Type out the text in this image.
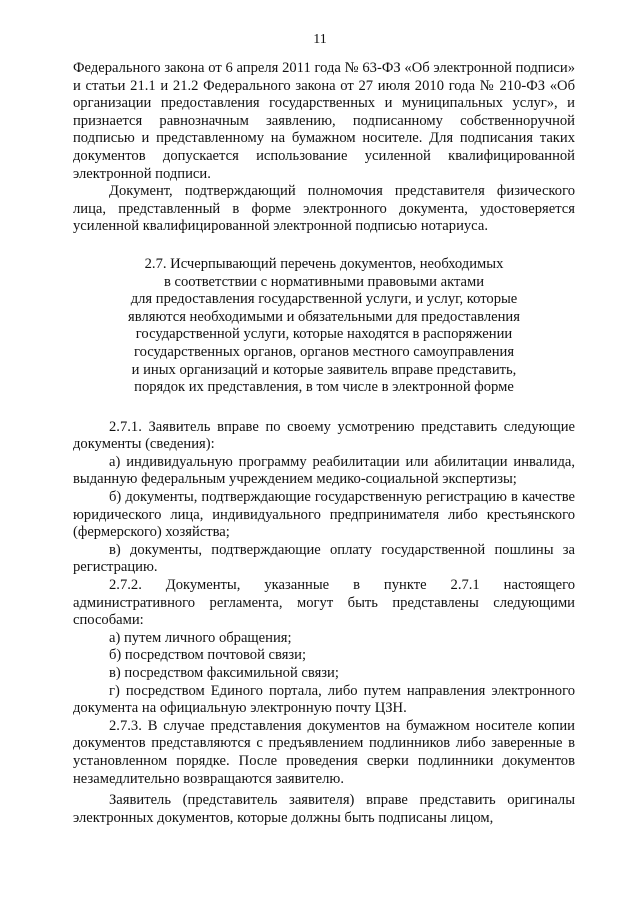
11

Федерального закона от 6 апреля 2011 года № 63-ФЗ «Об электронной подписи» и статьи 21.1 и 21.2 Федерального закона от 27 июля 2010 года № 210-ФЗ «Об организации предоставления государственных и муниципальных услуг», и признается равнозначным заявлению, подписанному собственноручной подписью и представленному на бумажном носителе. Для подписания таких документов допускается использование усиленной квалифицированной электронной подписи.

Документ, подтверждающий полномочия представителя физического лица, представленный в форме электронного документа, удостоверяется усиленной квалифицированной электронной подписью нотариуса.

2.7. Исчерпывающий перечень документов, необходимых
в соответствии с нормативными правовыми актами
для предоставления государственной услуги, и услуг, которые
являются необходимыми и обязательными для предоставления
государственной услуги, которые находятся в распоряжении
государственных органов, органов местного самоуправления
и иных организаций и которые заявитель вправе представить,
порядок их представления, в том числе в электронной форме

2.7.1. Заявитель вправе по своему усмотрению представить следующие документы (сведения):

а) индивидуальную программу реабилитации или абилитации инвалида, выданную федеральным учреждением медико-социальной экспертизы;

б) документы, подтверждающие государственную регистрацию в качестве юридического лица, индивидуального предпринимателя либо крестьянского (фермерского) хозяйства;

в) документы, подтверждающие оплату государственной пошлины за регистрацию.

2.7.2. Документы, указанные в пункте 2.7.1 настоящего административного регламента, могут быть представлены следующими способами:

а) путем личного обращения;

б) посредством почтовой связи;

в) посредством факсимильной связи;

г) посредством Единого портала, либо путем направления электронного документа на официальную электронную почту ЦЗН.

2.7.3. В случае представления документов на бумажном носителе копии документов представляются с предъявлением подлинников либо заверенные в установленном порядке. После проведения сверки подлинники документов незамедлительно возвращаются заявителю.

Заявитель (представитель заявителя) вправе представить оригиналы электронных документов, которые должны быть подписаны лицом,
